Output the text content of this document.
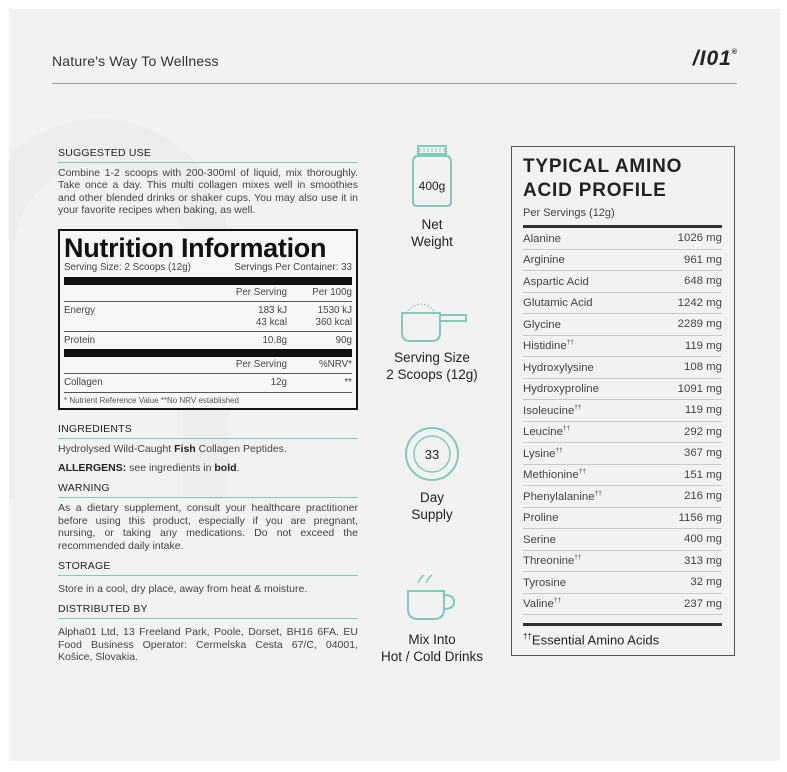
Nature's Way To Wellness	/I01®
SUGGESTED USE
Combine 1-2 scoops with 200-300ml of liquid, mix thoroughly. Take once a day. This multi collagen mixes well in smoothies and other blended drinks or shaker cups. You may also use it in your favorite recipes when baking, as well.
Nutrition Information
Serving Size: 2 Scoops (12g)	Servings Per Container: 33
Per Serving	Per 100g
Energy	183 kJ	1530 kJ
43 kcal	360 kcal
Protein	10.8g	90g
Per Serving	%NRV*
Collagen	12g	**
* Nutrient Reference Value **No NRV established
INGREDIENTS
Hydrolysed Wild-Caught Fish Collagen Peptides.
ALLERGENS: see ingredients in bold.
WARNING
As a dietary supplement, consult your healthcare practitioner before using this product, especially if you are pregnant, nursing, or taking any medications. Do not exceed the recommended daily intake.
STORAGE
Store in a cool, dry place, away from heat & moisture.
DISTRIBUTED BY
Alpha01 Ltd, 13 Freeland Park, Poole, Dorset, BH16 6FA. EU Food Business Operator: Cermelska Cesta 67/C, 04001, Košice, Slovakia.
400g
Net
Weight
Serving Size
2 Scoops (12g)
33
Day
Supply
Mix Into
Hot / Cold Drinks
TYPICAL AMINO
ACID PROFILE
Per Servings (12g)
Alanine	1026 mg
Arginine	961 mg
Aspartic Acid	648 mg
Glutamic Acid	1242 mg
Glycine	2289 mg
Histidine††	119 mg
Hydroxylysine	108 mg
Hydroxyproline	1091 mg
Isoleucine††	119 mg
Leucine††	292 mg
Lysine††	367 mg
Methionine††	151 mg
Phenylalanine††	216 mg
Proline	1156 mg
Serine	400 mg
Threonine††	313 mg
Tyrosine	32 mg
Valine††	237 mg
††Essential Amino Acids
